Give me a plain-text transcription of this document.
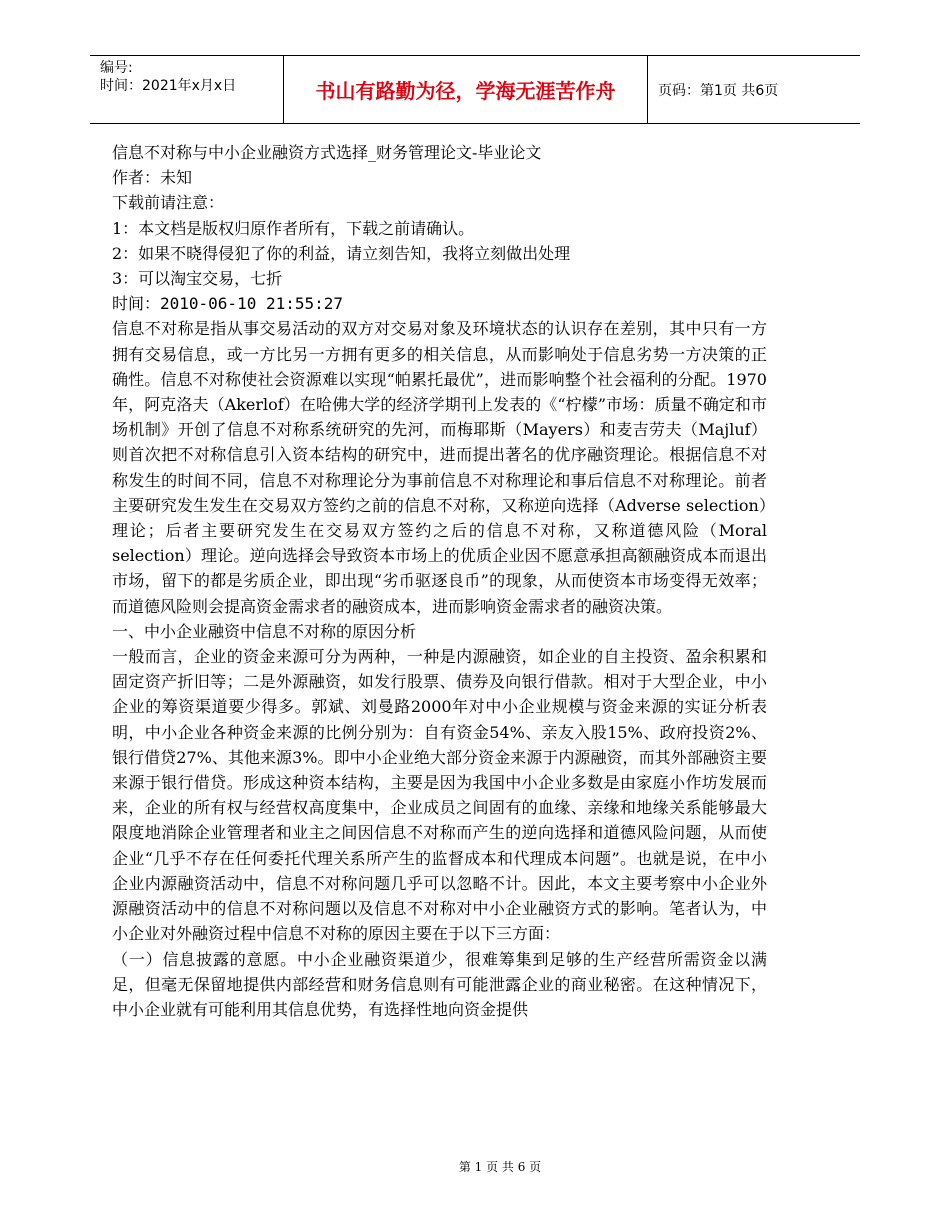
编号:
时间：2021年x月x日	书山有路勤为径，学海无涯苦作舟	页码：第1页 共6页

信息不对称与中小企业融资方式选择_财务管理论文-毕业论文

作者：未知

下载前请注意：

1：本文档是版权归原作者所有，下载之前请确认。

2：如果不晓得侵犯了你的利益，请立刻告知，我将立刻做出处理

3：可以淘宝交易，七折

时间：2010-06-10 21:55:27

信息不对称是指从事交易活动的双方对交易对象及环境状态的认识存在差别，其中只有一方拥有交易信息，或一方比另一方拥有更多的相关信息，从而影响处于信息劣势一方决策的正确性。信息不对称使社会资源难以实现“帕累托最优”，进而影响整个社会福利的分配。1970年，阿克洛夫（Akerlof）在哈佛大学的经济学期刊上发表的《“柠檬”市场：质量不确定和市场机制》开创了信息不对称系统研究的先河，而梅耶斯（Mayers）和麦吉劳夫（Majluf）则首次把不对称信息引入资本结构的研究中，进而提出著名的优序融资理论。根据信息不对称发生的时间不同，信息不对称理论分为事前信息不对称理论和事后信息不对称理论。前者主要研究发生发生在交易双方签约之前的信息不对称，又称逆向选择（Adverse selection）理论；后者主要研究发生在交易双方签约之后的信息不对称，又称道德风险（Moral selection）理论。逆向选择会导致资本市场上的优质企业因不愿意承担高额融资成本而退出市场，留下的都是劣质企业，即出现“劣币驱逐良币”的现象，从而使资本市场变得无效率；而道德风险则会提高资金需求者的融资成本，进而影响资金需求者的融资决策。

一、中小企业融资中信息不对称的原因分析

一般而言，企业的资金来源可分为两种，一种是内源融资，如企业的自主投资、盈余积累和固定资产折旧等；二是外源融资，如发行股票、债券及向银行借款。相对于大型企业，中小企业的筹资渠道要少得多。郭斌、刘曼路2000年对中小企业规模与资金来源的实证分析表明，中小企业各种资金来源的比例分别为：自有资金54%、亲友入股15%、政府投资2%、银行借贷27%、其他来源3%。即中小企业绝大部分资金来源于内源融资，而其外部融资主要来源于银行借贷。形成这种资本结构，主要是因为我国中小企业多数是由家庭小作坊发展而来，企业的所有权与经营权高度集中，企业成员之间固有的血缘、亲缘和地缘关系能够最大限度地消除企业管理者和业主之间因信息不对称而产生的逆向选择和道德风险问题，从而使企业“几乎不存在任何委托代理关系所产生的监督成本和代理成本问题”。也就是说，在中小企业内源融资活动中，信息不对称问题几乎可以忽略不计。因此，本文主要考察中小企业外源融资活动中的信息不对称问题以及信息不对称对中小企业融资方式的影响。笔者认为，中小企业对外融资过程中信息不对称的原因主要在于以下三方面：

（一）信息披露的意愿。中小企业融资渠道少，很难筹集到足够的生产经营所需资金以满足，但毫无保留地提供内部经营和财务信息则有可能泄露企业的商业秘密。在这种情况下，中小企业就有可能利用其信息优势，有选择性地向资金提供

第 1 页 共 6 页
